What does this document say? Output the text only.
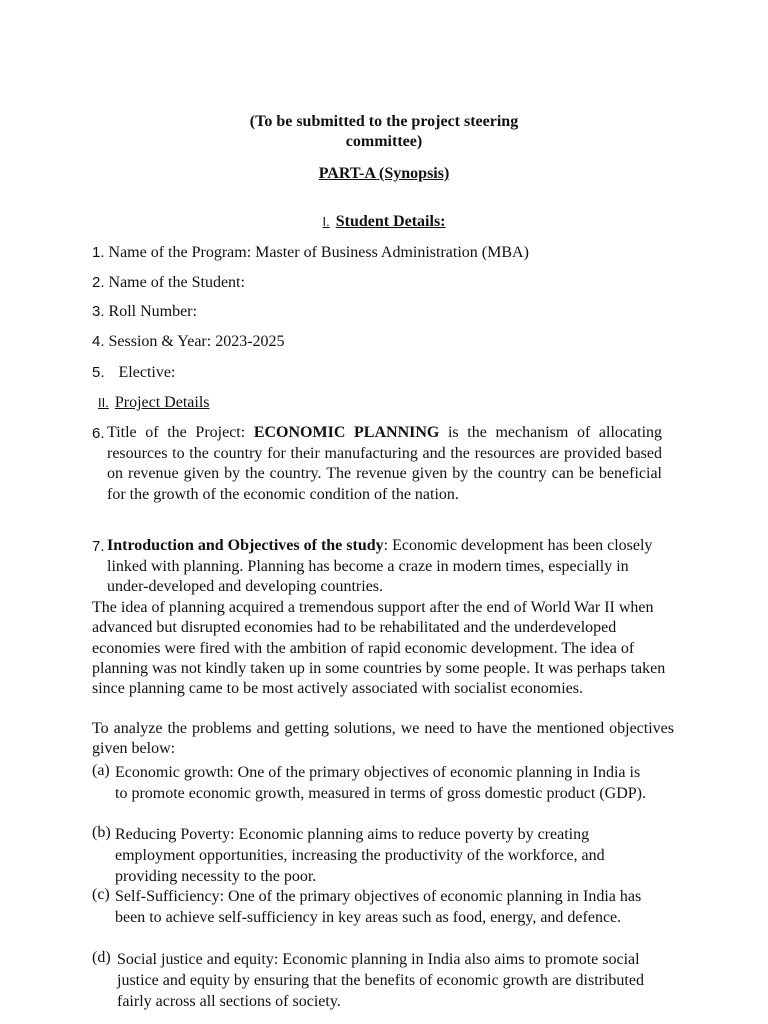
(To be submitted to the project steering
committee)
PART-A (Synopsis)
I. Student Details:
1. Name of the Program: Master of Business Administration (MBA)
2. Name of the Student:
3. Roll Number:
4. Session & Year: 2023-2025
5. Elective:
II. Project Details
6. Title of the Project: ECONOMIC PLANNING is the mechanism of allocating resources to the country for their manufacturing and the resources are provided based on revenue given by the country. The revenue given by the country can be beneficial for the growth of the economic condition of the nation.
7. Introduction and Objectives of the study: Economic development has been closely linked with planning. Planning has become a craze in modern times, especially in under-developed and developing countries.
The idea of planning acquired a tremendous support after the end of World War II when advanced but disrupted economies had to be rehabilitated and the underdeveloped economies were fired with the ambition of rapid economic development. The idea of planning was not kindly taken up in some countries by some people. It was perhaps taken since planning came to be most actively associated with socialist economies.
To analyze the problems and getting solutions, we need to have the mentioned objectives given below:
(a) Economic growth: One of the primary objectives of economic planning in India is to promote economic growth, measured in terms of gross domestic product (GDP).
(b) Reducing Poverty: Economic planning aims to reduce poverty by creating employment opportunities, increasing the productivity of the workforce, and providing necessity to the poor.
(c) Self-Sufficiency: One of the primary objectives of economic planning in India has been to achieve self-sufficiency in key areas such as food, energy, and defence.
(d) Social justice and equity: Economic planning in India also aims to promote social justice and equity by ensuring that the benefits of economic growth are distributed fairly across all sections of society.
